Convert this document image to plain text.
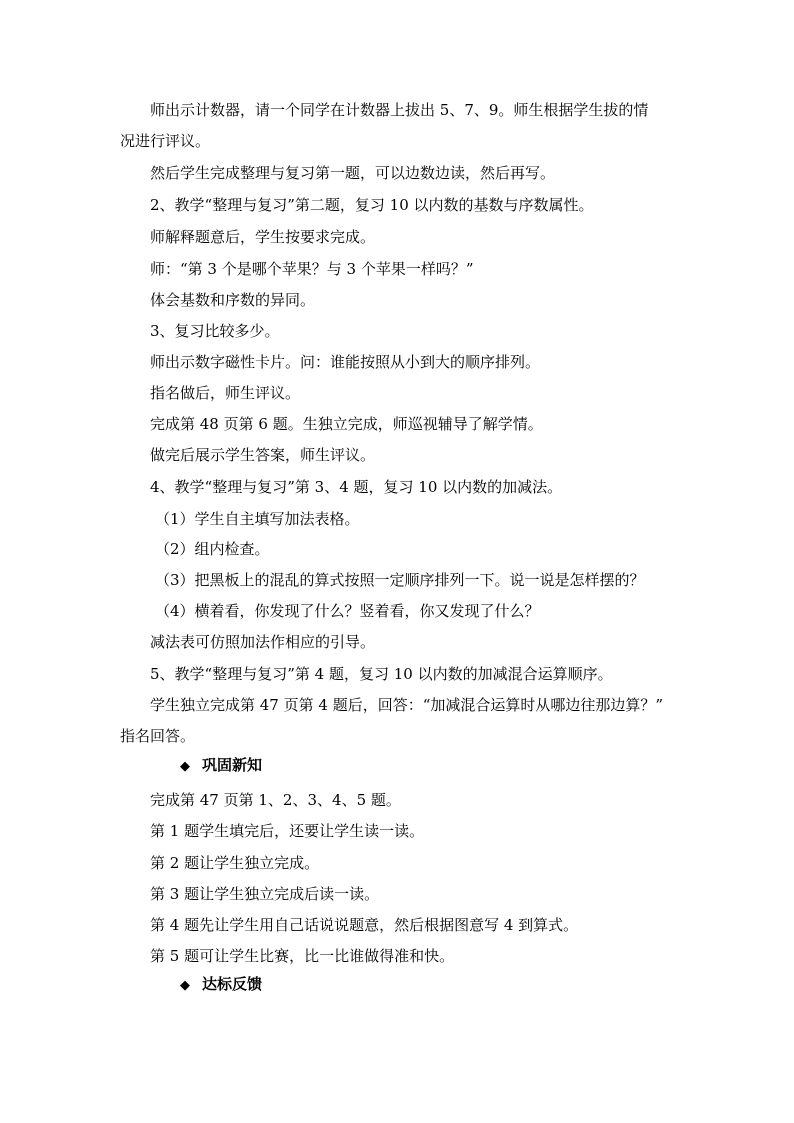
师出示计数器，请一个同学在计数器上拔出 5、7、9。师生根据学生拔的情
况进行评议。
然后学生完成整理与复习第一题，可以边数边读，然后再写。
2、教学“整理与复习”第二题，复习 10 以内数的基数与序数属性。
师解释题意后，学生按要求完成。
师：“第 3 个是哪个苹果？与 3 个苹果一样吗？”
体会基数和序数的异同。
3、复习比较多少。
师出示数字磁性卡片。问：谁能按照从小到大的顺序排列。
指名做后，师生评议。
完成第 48 页第 6 题。生独立完成，师巡视辅导了解学情。
做完后展示学生答案，师生评议。
4、教学“整理与复习”第 3、4 题，复习 10 以内数的加减法。
（1）学生自主填写加法表格。
（2）组内检查。
（3）把黑板上的混乱的算式按照一定顺序排列一下。说一说是怎样摆的？
（4）横着看，你发现了什么？竖着看，你又发现了什么？
减法表可仿照加法作相应的引导。
5、教学“整理与复习”第 4 题，复习 10 以内数的加减混合运算顺序。
学生独立完成第 47 页第 4 题后，回答：“加减混合运算时从哪边往那边算？”
指名回答。
◆ 巩固新知
完成第 47 页第 1、2、3、4、5 题。
第 1 题学生填完后，还要让学生读一读。
第 2 题让学生独立完成。
第 3 题让学生独立完成后读一读。
第 4 题先让学生用自己话说说题意，然后根据图意写 4 到算式。
第 5 题可让学生比赛，比一比谁做得准和快。
◆ 达标反馈
